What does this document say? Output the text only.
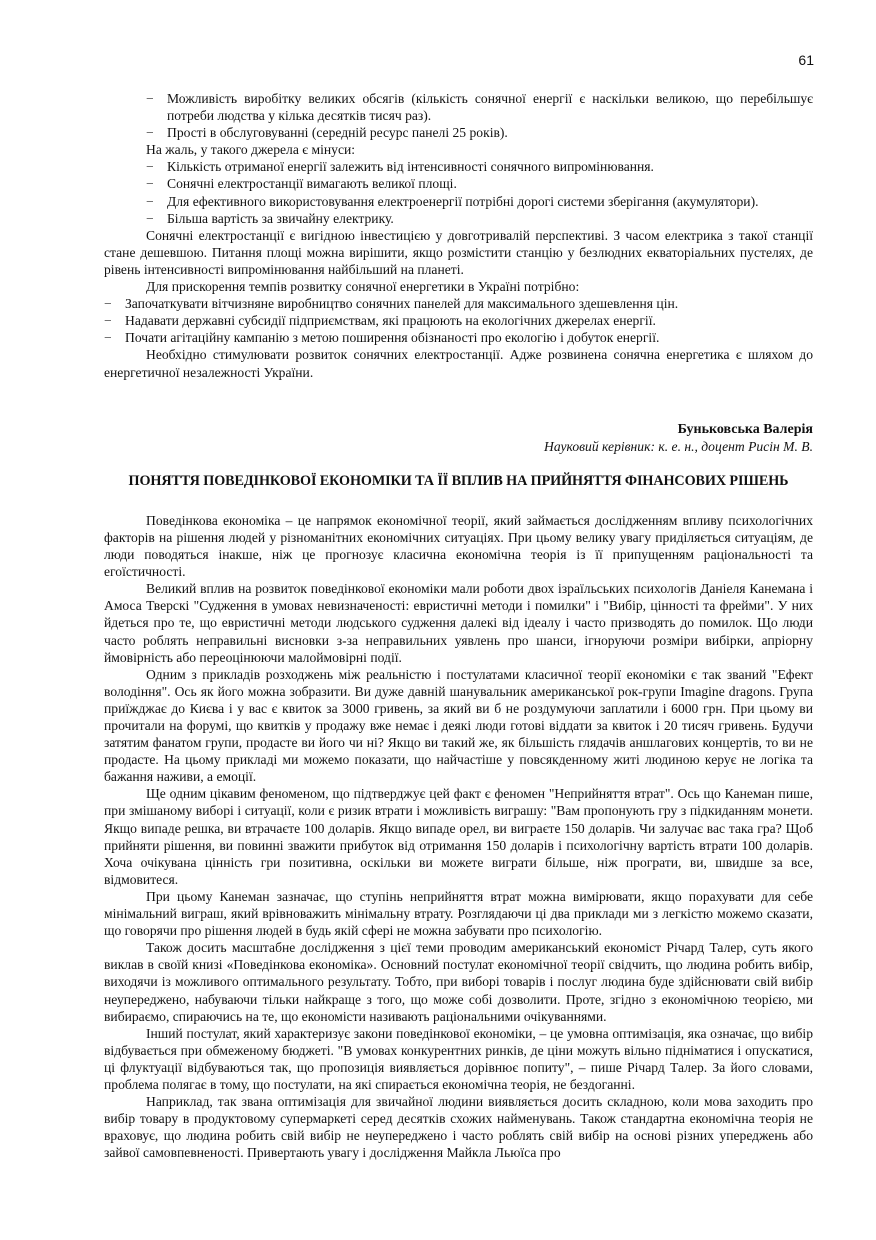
61
− Можливість виробітку великих обсягів (кількість сонячної енергії є наскільки великою, що перебільшує потреби людства у кілька десятків тисяч раз).
− Прості в обслуговуванні (середній ресурс панелі 25 років).

На жаль, у такого джерела є мінуси:

− Кількість отриманої енергії залежить від інтенсивності сонячного випромінювання.
− Сонячні електростанції вимагають великої площі.
− Для ефективного використовування електроенергії потрібні дорогі системи зберігання (акумулятори).
− Більша вартість за звичайну електрику.

Сонячні електростанції є вигідною інвестицією у довготривалій перспективі. З часом електрика з такої станції стане дешевшою. Питання площі можна вирішити, якщо розмістити станцію у безлюдних екваторіальних пустелях, де рівень інтенсивності випромінювання найбільший на планеті.

Для прискорення темпів розвитку сонячної енергетики в Україні потрібно:

− Започаткувати вітчизняне виробництво сонячних панелей для максимального здешевлення цін.
− Надавати державні субсидії підприємствам, які працюють на екологічних джерелах енергії.
− Почати агітаційну кампанію з метою поширення обізнаності про екологію і добуток енергії.

Необхідно стимулювати розвиток сонячних електростанції. Адже розвинена сонячна енергетика є шляхом до енергетичної незалежності України.

Буньковська Валерія
Науковий керівник: к. е. н., доцент Рисін М. В.
ПОНЯТТЯ ПОВЕДІНКОВОЇ ЕКОНОМІКИ ТА ЇЇ ВПЛИВ НА ПРИЙНЯТТЯ ФІНАНСОВИХ РІШЕНЬ

Поведінкова економіка – це напрямок економічної теорії, який займається дослідженням впливу психологічних факторів на рішення людей у різноманітних економічних ситуаціях. При цьому велику увагу приділяється ситуаціям, де люди поводяться інакше, ніж це прогнозує класична економічна теорія із її припущенням раціональності та егоїстичності.

Великий вплив на розвиток поведінкової економіки мали роботи двох ізраїльських психологів Даніеля Канемана і Амоса Тверскі "Судження в умовах невизначеності: евристичні методи і помилки" і "Вибір, цінності та фрейми". У них йдеться про те, що евристичні методи людського судження далекі від ідеалу і часто призводять до помилок. Що люди часто роблять неправильні висновки з-за неправильних уявлень про шанси, ігноруючи розміри вибірки, апріорну ймовірність або переоцінюючи малоймовірні події.

Одним з прикладів розходжень між реальністю і постулатами класичної теорії економіки є так званий "Ефект володіння". Ось як його можна зобразити. Ви дуже давній шанувальник американської рок-групи Imagine dragons. Група приїжджає до Києва і у вас є квиток за 3000 гривень, за який ви б не роздумуючи заплатили і 6000 грн. При цьому ви прочитали на форумі, що квитків у продажу вже немає і деякі люди готові віддати за квиток і 20 тисяч гривень. Будучи затятим фанатом групи, продасте ви його чи ні? Якщо ви такий же, як більшість глядачів аншлагових концертів, то ви не продасте. На цьому прикладі ми можемо показати, що найчастіше у повсякденному житі людиною керує не логіка та бажання наживи, а емоції.

Ще одним цікавим феноменом, що підтверджує цей факт є феномен "Неприйняття втрат". Ось що Канеман пише, при змішаному виборі і ситуації, коли є ризик втрати і можливість виграшу: "Вам пропонують гру з підкиданням монети. Якщо випаде решка, ви втрачаєте 100 доларів. Якщо випаде орел, ви виграєте 150 доларів. Чи залучає вас така гра? Щоб прийняти рішення, ви повинні зважити прибуток від отримання 150 доларів і психологічну вартість втрати 100 доларів. Хоча очікувана цінність гри позитивна, оскільки ви можете виграти більше, ніж програти, ви, швидше за все, відмовитеся.

При цьому Канеман зазначає, що ступінь неприйняття втрат можна вимірювати, якщо порахувати для себе мінімальний виграш, який врівноважить мінімальну втрату. Розглядаючи ці два приклади ми з легкістю можемо сказати, що говорячи про рішення людей в будь якій сфері не можна забувати про психологію.

Також досить масштабне дослідження з цієї теми проводим американський економіст Річард Талер, суть якого виклав в своїй книзі «Поведінкова економіка». Основний постулат економічної теорії свідчить, що людина робить вибір, виходячи із можливого оптимального результату. Тобто, при виборі товарів і послуг людина буде здійснювати свій вибір неупереджено, набуваючи тільки найкраще з того, що може собі дозволити. Проте, згідно з економічною теорією, ми вибираємо, спираючись на те, що економісти називають раціональними очікуваннями.

Інший постулат, який характеризує закони поведінкової економіки, – це умовна оптимізація, яка означає, що вибір відбувається при обмеженому бюджеті. "В умовах конкурентних ринків, де ціни можуть вільно підніматися і опускатися, ці флуктуації відбуваються так, що пропозиція виявляється дорівнює попиту", – пише Річард Талер. За його словами, проблема полягає в тому, що постулати, на які спирається економічна теорія, не бездоганні.

Наприклад, так звана оптимізація для звичайної людини виявляється досить складною, коли мова заходить про вибір товару в продуктовому супермаркеті серед десятків схожих найменувань. Також стандартна економічна теорія не враховує, що людина робить свій вибір не неупереджено і часто роблять свій вибір на основі різних упереджень або зайвої самовпевненості. Привертають увагу і дослідження Майкла Льюїса про
